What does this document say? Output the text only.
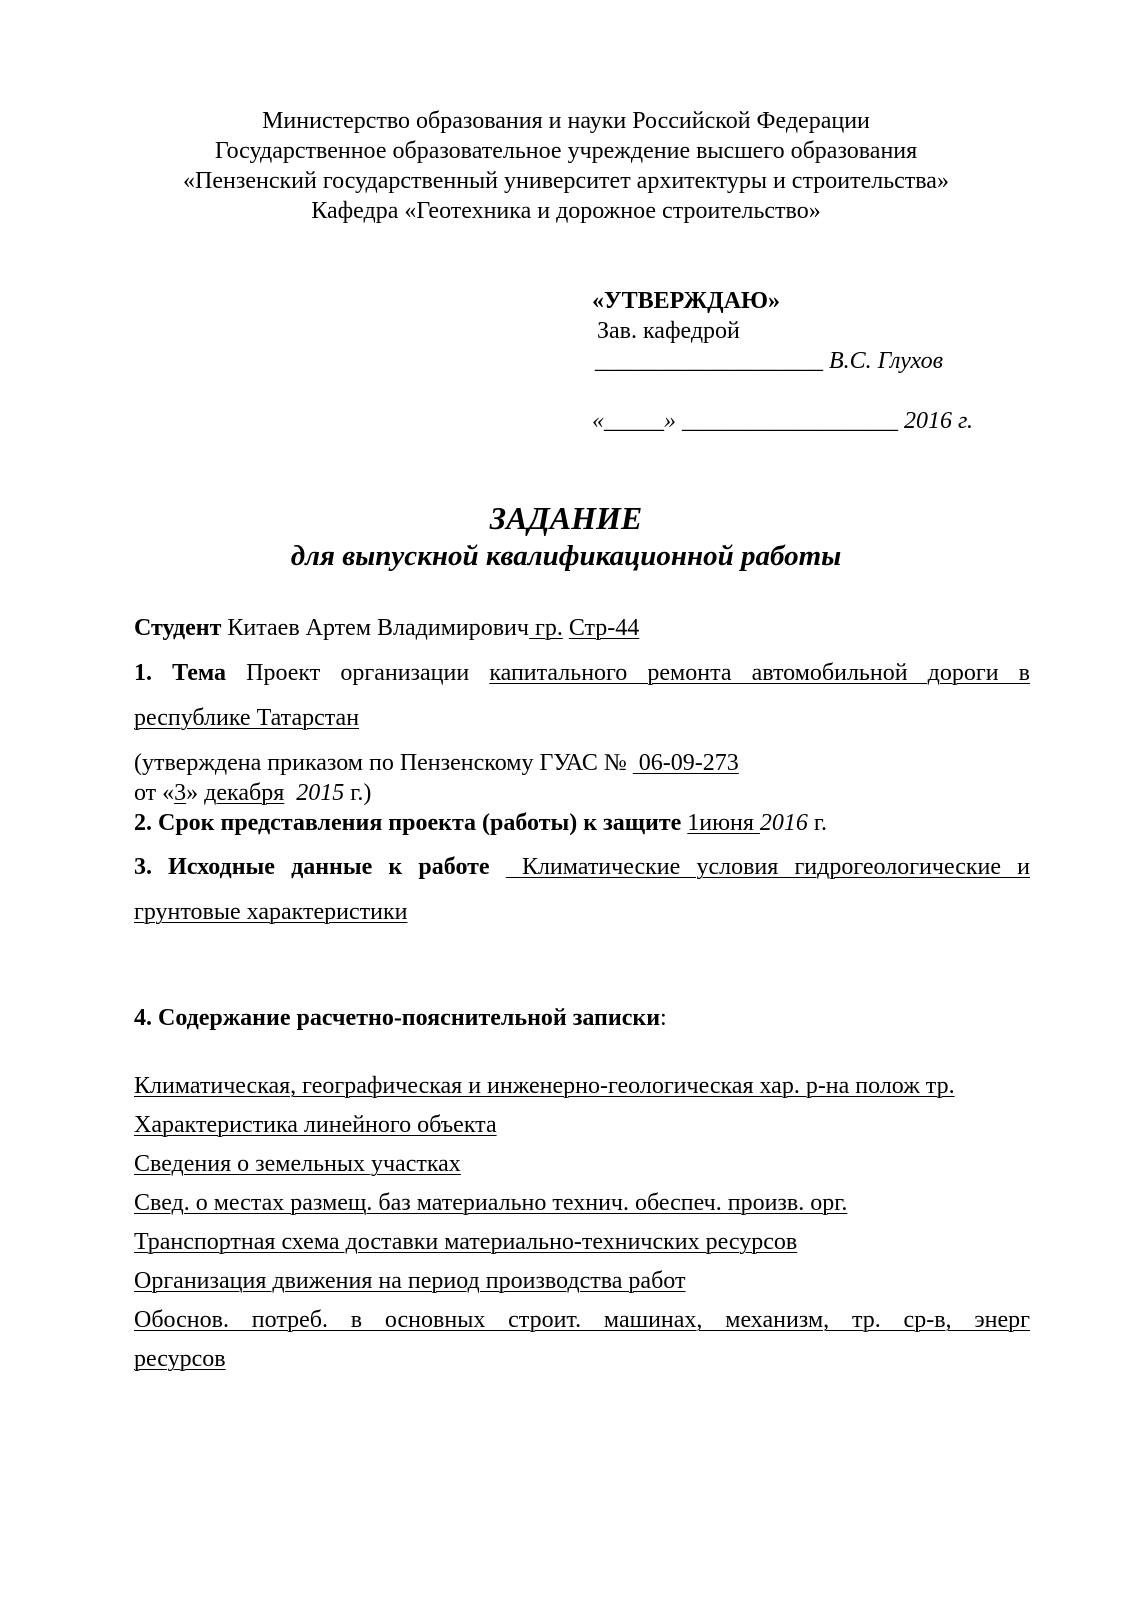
Министерство образования и науки Российской Федерации
Государственное образовательное учреждение высшего образования
«Пензенский государственный университет архитектуры и строительства»
Кафедра «Геотехника и дорожное строительство»
«УТВЕРЖДАЮ»
Зав. кафедрой
___________________ В.С. Глухов
«_____» __________________ 2016 г.
ЗАДАНИЕ
для выпускной квалификационной работы
Студент Китаев Артем Владимирович гр. Стр-44
1. Тема Проект организации капитального ремонта автомобильной дороги в
республике Татарстан
(утверждена приказом по Пензенскому ГУАС № 06-09-273
от «3» декабря 2015 г.)
2. Срок представления проекта (работы) к защите 1июня 2016 г.
3. Исходные данные к работе Климатические условия гидрогеологические и
грунтовые характеристики
4. Содержание расчетно-пояснительной записки:
Климатическая, географическая и инженерно-геологическая хар. р-на полож тр.
Характеристика линейного объекта
Сведения о земельных участках
Свед. о местах размещ. баз материально технич. обеспеч. произв. орг.
Транспортная схема доставки материально-техничских ресурсов
Организация движения на период производства работ
Обоснов. потреб. в основных строит. машинах, механизм, тр. ср-в, энерг
ресурсов
